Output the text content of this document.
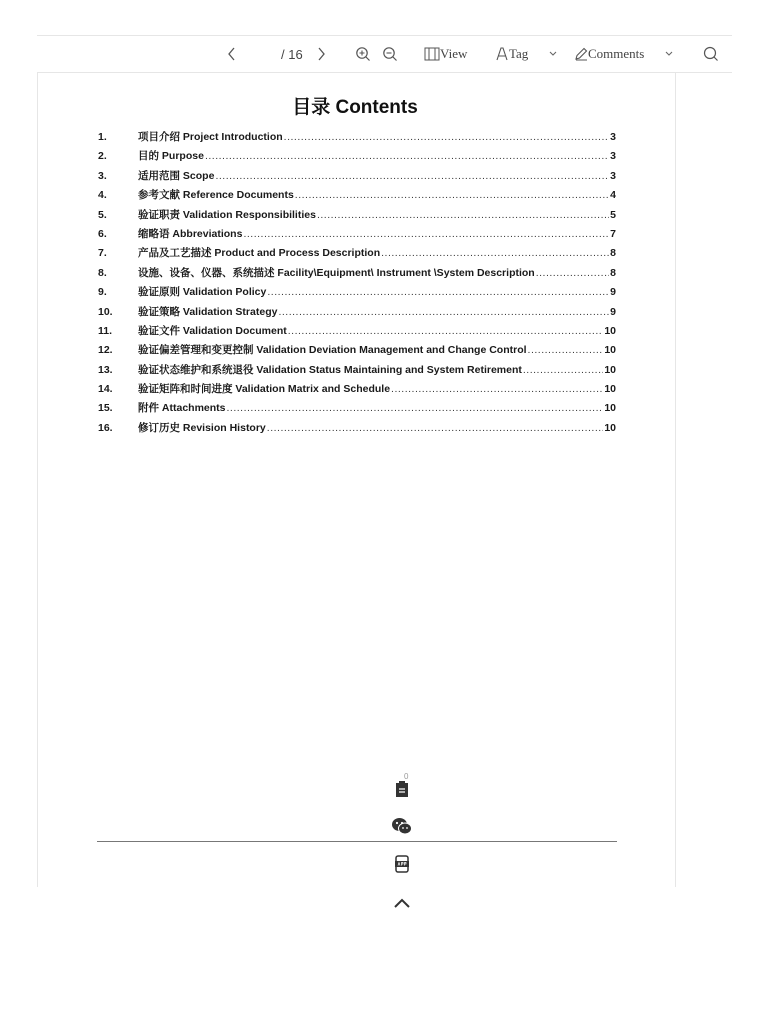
/ 16	View	Tag	Comments
目录 Contents
1.	项目介绍 Project Introduction .....	3
2.	目的 Purpose .....	3
3.	适用范围 Scope .....	3
4.	参考文献 Reference Documents .....	4
5.	验证职责 Validation Responsibilities .....	5
6.	缩略语 Abbreviations .....	7
7.	产品及工艺描述 Product and Process Description .....	8
8.	设施、设备、仪器、系统描述 Facility\Equipment\ Instrument \System Description .....	8
9.	验证原则 Validation Policy .....	9
10.	验证策略 Validation Strategy .....	9
11.	验证文件 Validation Document .....	10
12.	验证偏差管理和变更控制 Validation Deviation Management and Change Control .....	10
13.	验证状态维护和系统退役 Validation Status Maintaining and System Retirement .....	10
14.	验证矩阵和时间进度 Validation Matrix and Schedule .....	10
15.	附件 Attachments .....	10
16.	修订历史 Revision History .....	10
0
